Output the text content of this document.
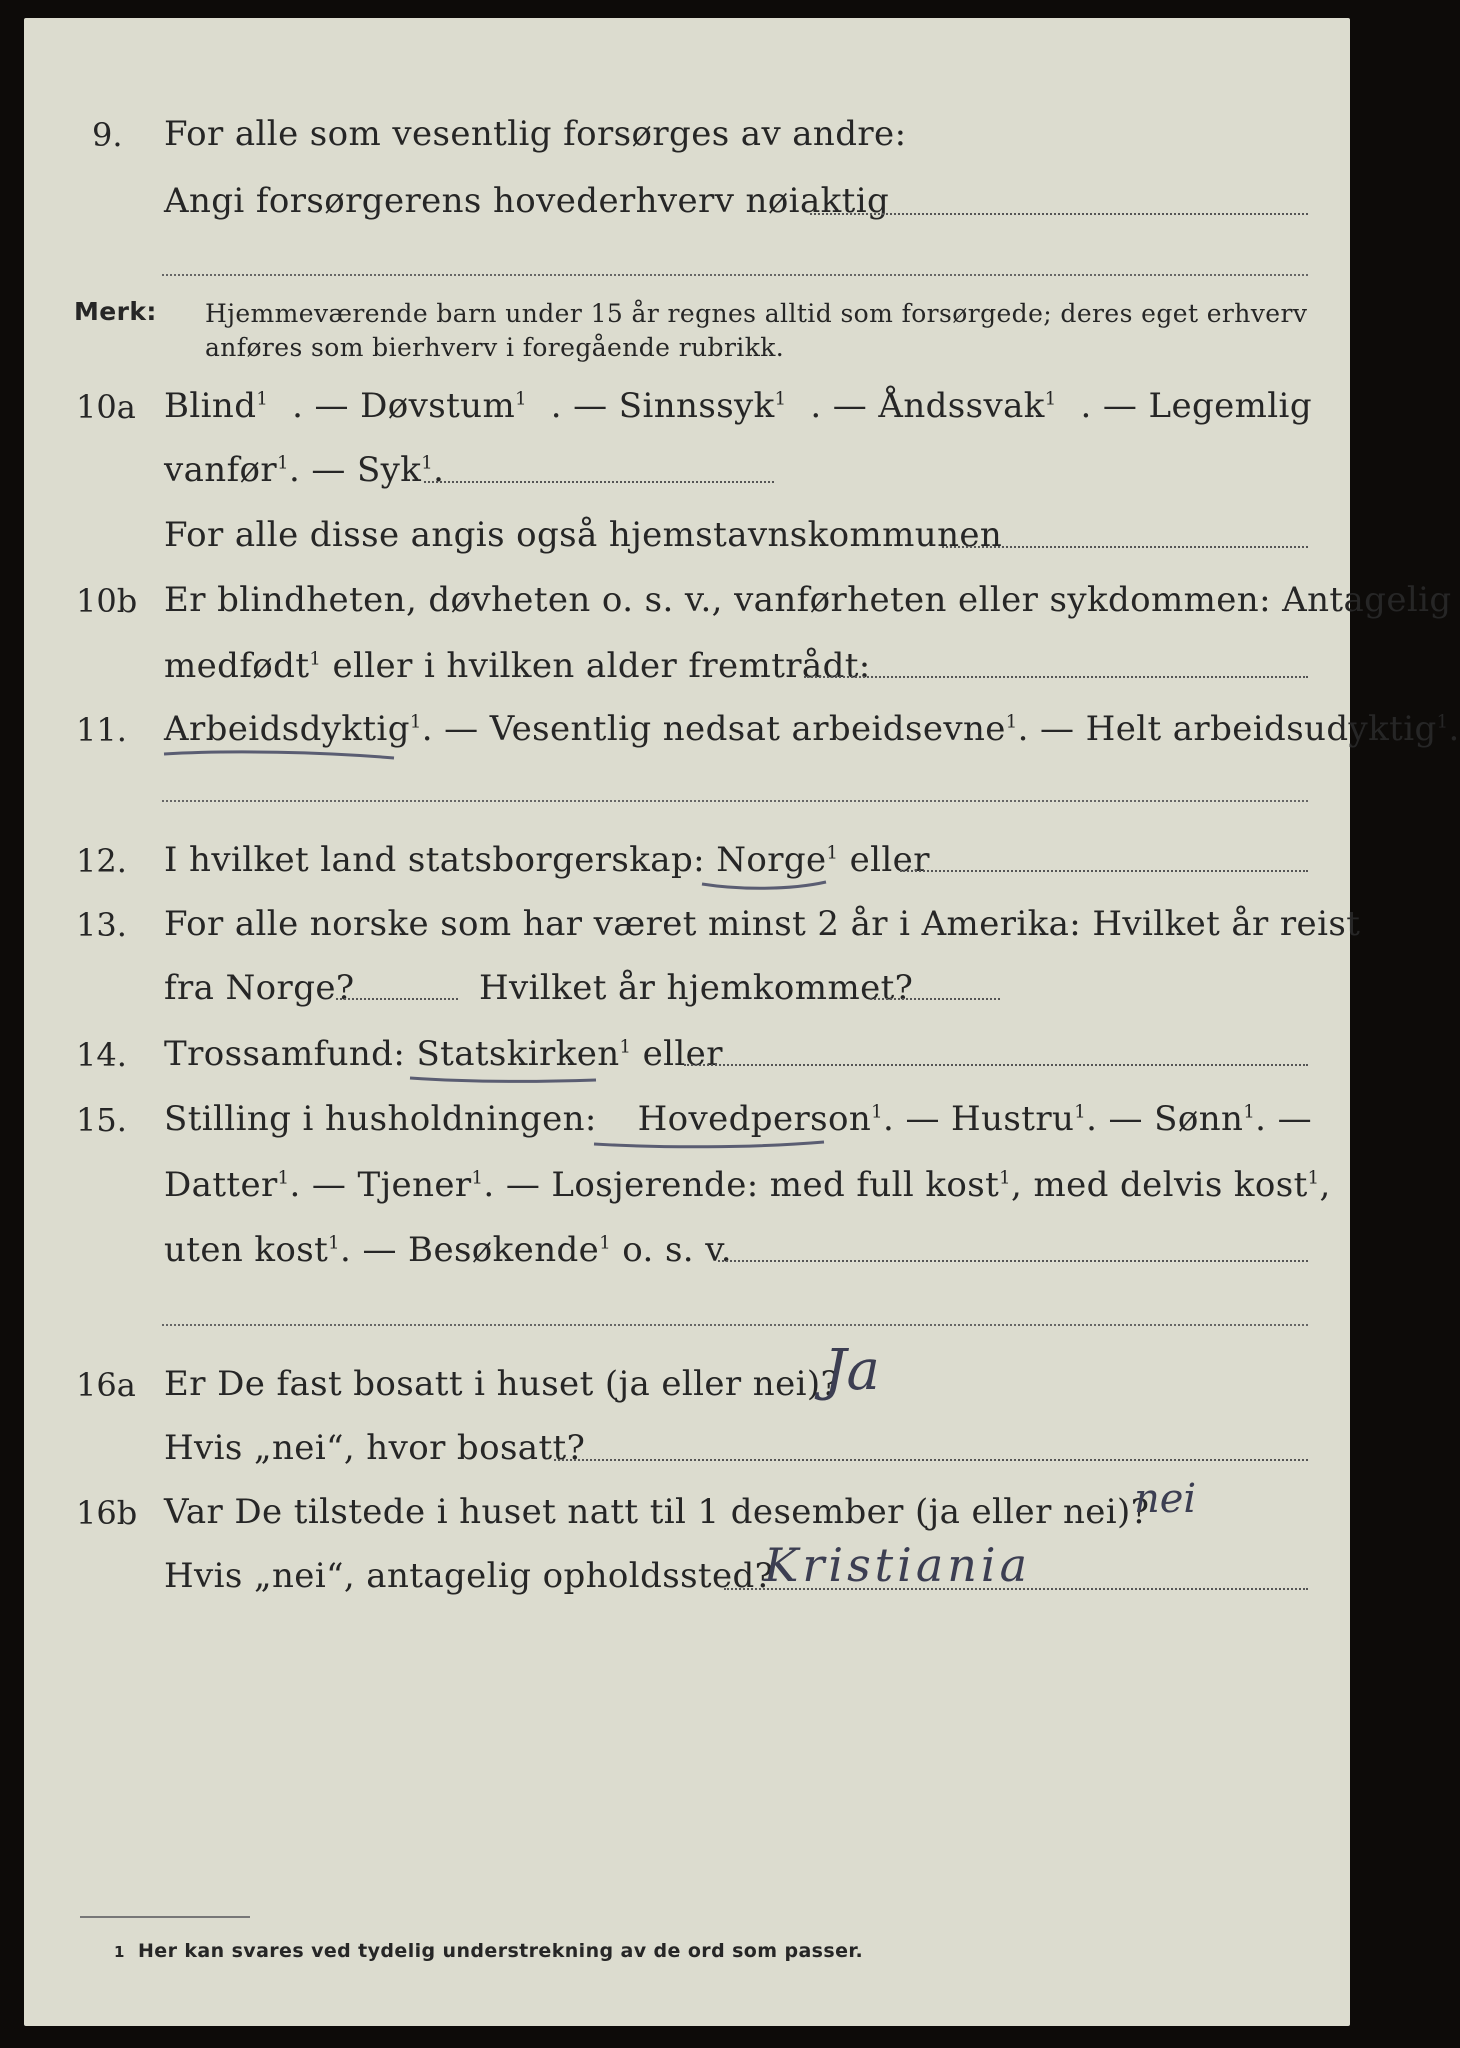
9. For alle som vesentlig forsørges av andre:
Angi forsørgerens hovederhverv nøiaktig
Merk: Hjemmeværende barn under 15 år regnes alltid som forsørgede; deres eget erhverv
anføres som bierhverv i foregående rubrikk.
10a Blind$^1$ . — Døvstum$^1$ . — Sinnssyk$^1$ . — Åndssvak$^1$ . — Legemlig
vanfør$^1$. — Syk$^1$.
For alle disse angis også hjemstavnskommunen
10b Er blindheten, døvheten o. s. v., vanførheten eller sykdommen: Antagelig
medfødt$^1$ eller i hvilken alder fremtrådt:
11. Arbeidsdyktig$^1$. — Vesentlig nedsat arbeidsevne$^1$. — Helt arbeidsudyktig$^1$.
12. I hvilket land statsborgerskap: Norge$^1$ eller
13. For alle norske som har været minst 2 år i Amerika: Hvilket år reist
fra Norge?	Hvilket år hjemkommet?
14. Trossamfund: Statskirken$^1$ eller
15. Stilling i husholdningen: Hovedperson$^1$. — Hustru$^1$. — Sønn$^1$. —
Datter$^1$. — Tjener$^1$. — Losjerende: med full kost$^1$, med delvis kost$^1$,
uten kost$^1$. — Besøkende$^1$ o. s. v.
16a Er De fast bosatt i huset (ja eller nei)?
Ja
Hvis „nei“, hvor bosatt?
16b Var De tilstede i huset natt til 1 desember (ja eller nei)?
nei
Hvis „nei“, antagelig opholdssted?
Kristiania
1 Her kan svares ved tydelig understrekning av de ord som passer.
